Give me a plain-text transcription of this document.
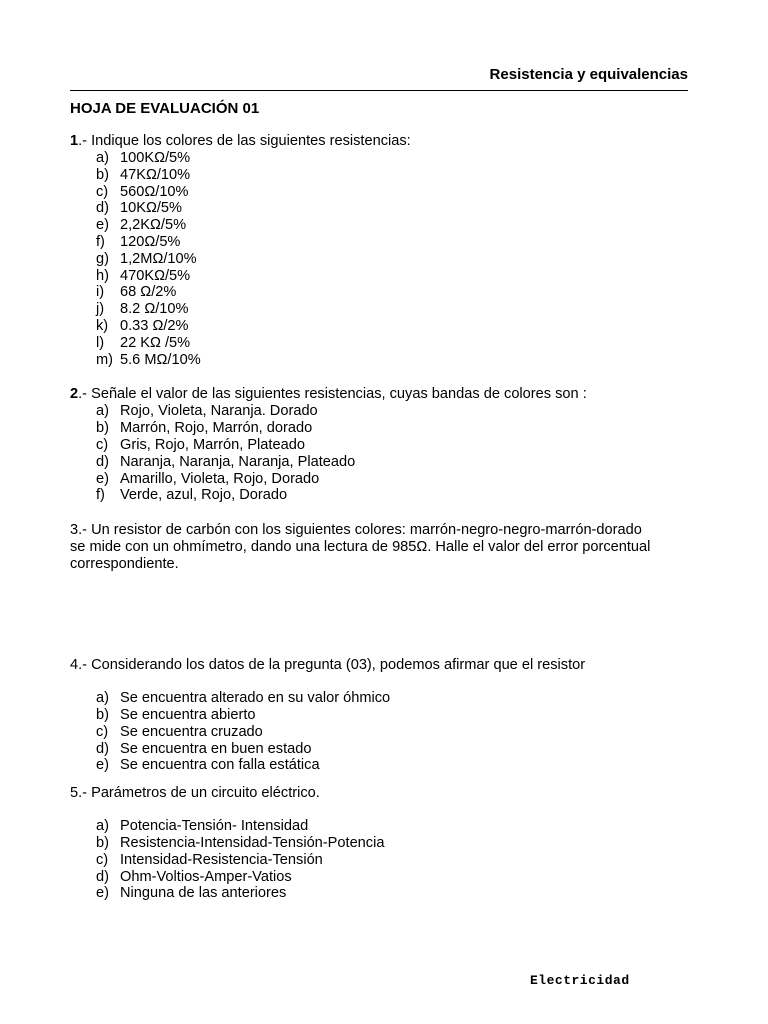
Resistencia y equivalencias
HOJA DE EVALUACIÓN 01

1.- Indique los colores de las siguientes resistencias:

a) 100KΩ/5%
b) 47KΩ/10%
c) 560Ω/10%
d) 10KΩ/5%
e) 2,2KΩ/5%
f) 120Ω/5%
g) 1,2MΩ/10%
h) 470KΩ/5%
i) 68 Ω/2%
j) 8.2 Ω/10%
k) 0.33 Ω/2%
l) 22 KΩ /5%
m) 5.6 MΩ/10%

2.- Señale el valor de las siguientes resistencias, cuyas bandas de colores son :

a) Rojo, Violeta, Naranja. Dorado
b) Marrón, Rojo, Marrón, dorado
c) Gris, Rojo, Marrón, Plateado
d) Naranja, Naranja, Naranja, Plateado
e) Amarillo, Violeta, Rojo, Dorado
f) Verde, azul, Rojo, Dorado

3.- Un resistor de carbón con los siguientes colores: marrón-negro-negro-marrón-dorado

se mide con un ohmímetro, dando una lectura de 985Ω. Halle el valor del error porcentual

correspondiente.

4.- Considerando los datos de la pregunta (03), podemos afirmar que el resistor

a) Se encuentra alterado en su valor óhmico
b) Se encuentra abierto
c) Se encuentra cruzado
d) Se encuentra en buen estado
e) Se encuentra con falla estática

5.- Parámetros de un circuito eléctrico.

a) Potencia-Tensión- Intensidad
b) Resistencia-Intensidad-Tensión-Potencia
c) Intensidad-Resistencia-Tensión
d) Ohm-Voltios-Amper-Vatios
e) Ninguna de las anteriores
Electricidad
